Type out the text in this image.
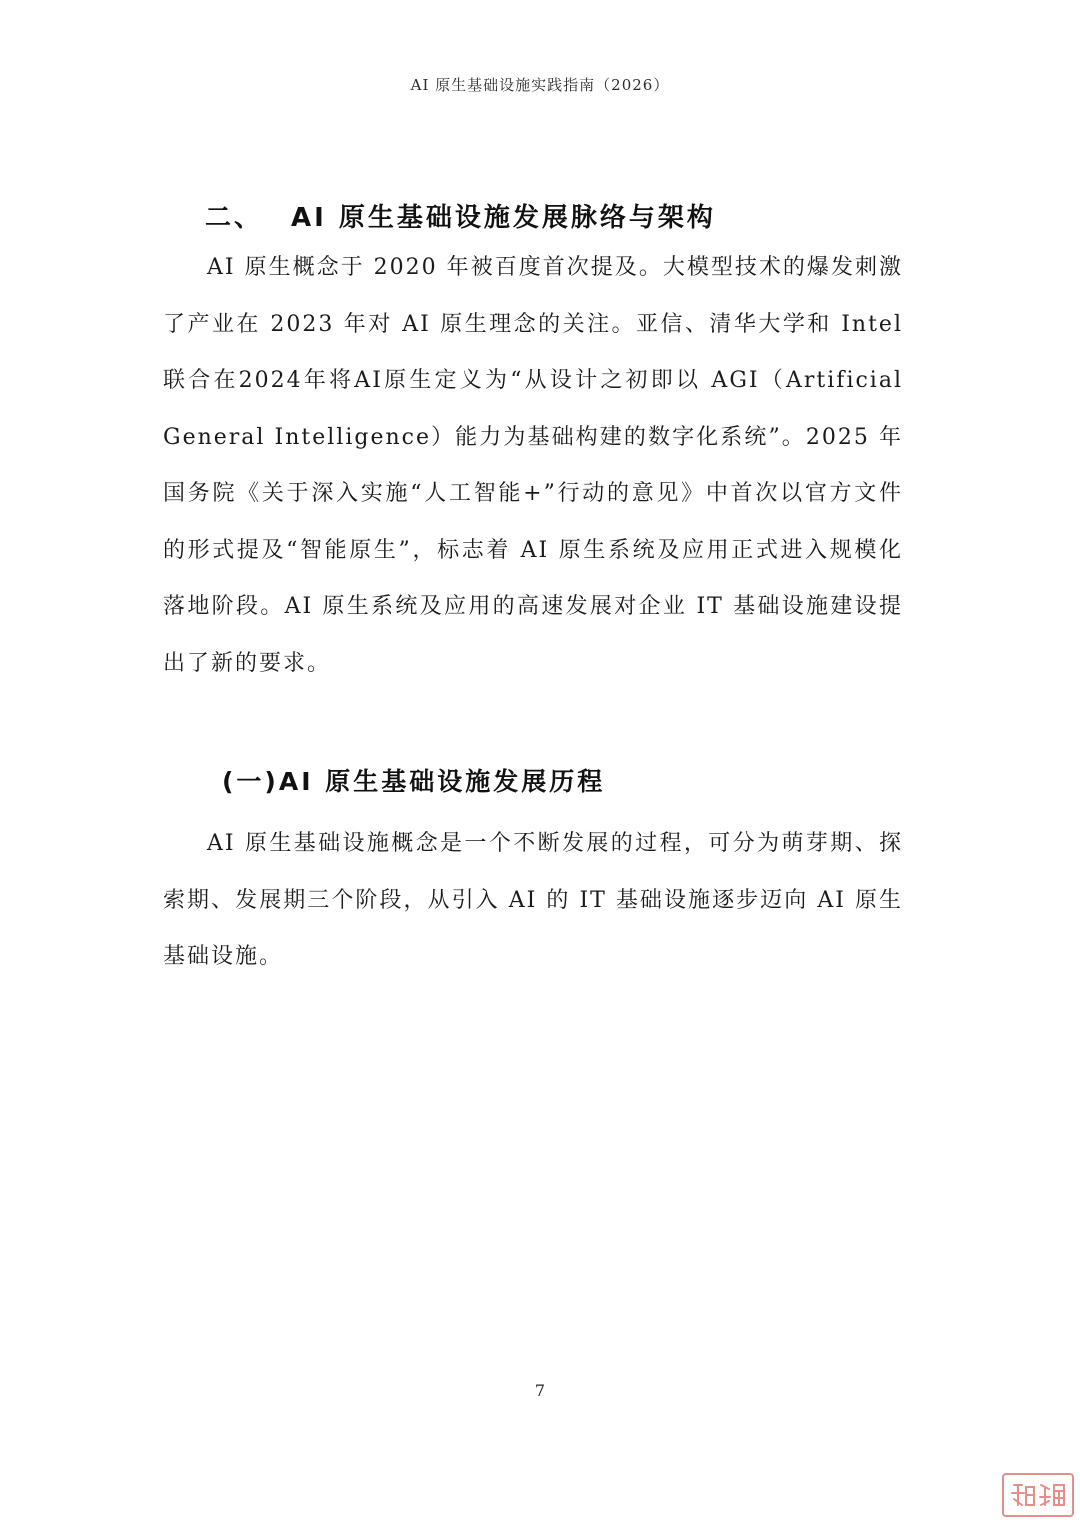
AI 原生基础设施实践指南（2026）
二、 AI 原生基础设施发展脉络与架构
AI 原生概念于 2020 年被百度首次提及。大模型技术的爆发刺激了产业在 2023 年对 AI 原生理念的关注。亚信、清华大学和 Intel 联合在2024年将AI原生定义为“从设计之初即以 AGI（Artificial General Intelligence）能力为基础构建的数字化系统”。2025 年国务院《关于深入实施“人工智能+”行动的意见》中首次以官方文件的形式提及“智能原生”，标志着 AI 原生系统及应用正式进入规模化落地阶段。AI 原生系统及应用的高速发展对企业 IT 基础设施建设提出了新的要求。
(一)AI 原生基础设施发展历程
AI 原生基础设施概念是一个不断发展的过程，可分为萌芽期、探索期、发展期三个阶段，从引入 AI 的 IT 基础设施逐步迈向 AI 原生基础设施。
7
